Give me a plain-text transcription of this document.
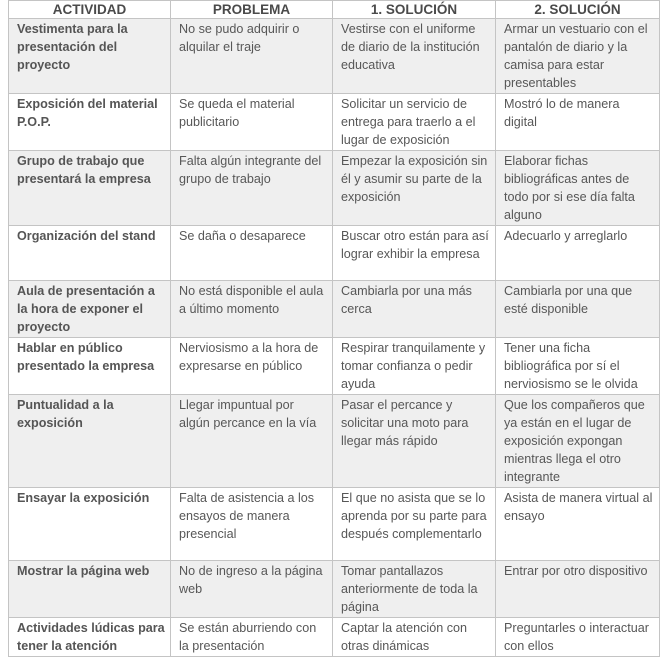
ACTIVIDAD	PROBLEMA	1. SOLUCIÓN	2. SOLUCIÓN
Vestimenta para la presentación del proyecto	No se pudo adquirir o alquilar el traje	Vestirse con el uniforme de diario de la institución educativa	Armar un vestuario con el pantalón de diario y la camisa para estar presentables
Exposición del material P.O.P.	Se queda el material publicitario	Solicitar un servicio de entrega para traerlo a el lugar de exposición	Mostró lo de manera digital
Grupo de trabajo que presentará la empresa	Falta algún integrante del grupo de trabajo	Empezar la exposición sin él y asumir su parte de la exposición	Elaborar fichas bibliográficas antes de todo por si ese día falta alguno
Organización del stand	Se daña o desaparece	Buscar otro están para así lograr exhibir la empresa	Adecuarlo y arreglarlo
Aula de presentación a la hora de exponer el proyecto	No está disponible el aula a último momento	Cambiarla por una más cerca	Cambiarla por una que esté disponible
Hablar en público presentado la empresa	Nerviosismo a la hora de expresarse en público	Respirar tranquilamente y tomar confianza o pedir ayuda	Tener una ficha bibliográfica por sí el nerviosismo se le olvida
Puntualidad a la exposición	Llegar impuntual por algún percance en la vía	Pasar el percance y solicitar una moto para llegar más rápido	Que los compañeros que ya están en el lugar de exposición expongan mientras llega el otro integrante
Ensayar la exposición	Falta de asistencia a los ensayos de manera presencial	El que no asista que se lo aprenda por su parte para después complementarlo	Asista de manera virtual al ensayo
Mostrar la página web	No de ingreso a la página web	Tomar pantallazos anteriormente de toda la página	Entrar por otro dispositivo
Actividades lúdicas para tener la atención	Se están aburriendo con la presentación	Captar la atención con otras dinámicas	Preguntarles o interactuar con ellos
